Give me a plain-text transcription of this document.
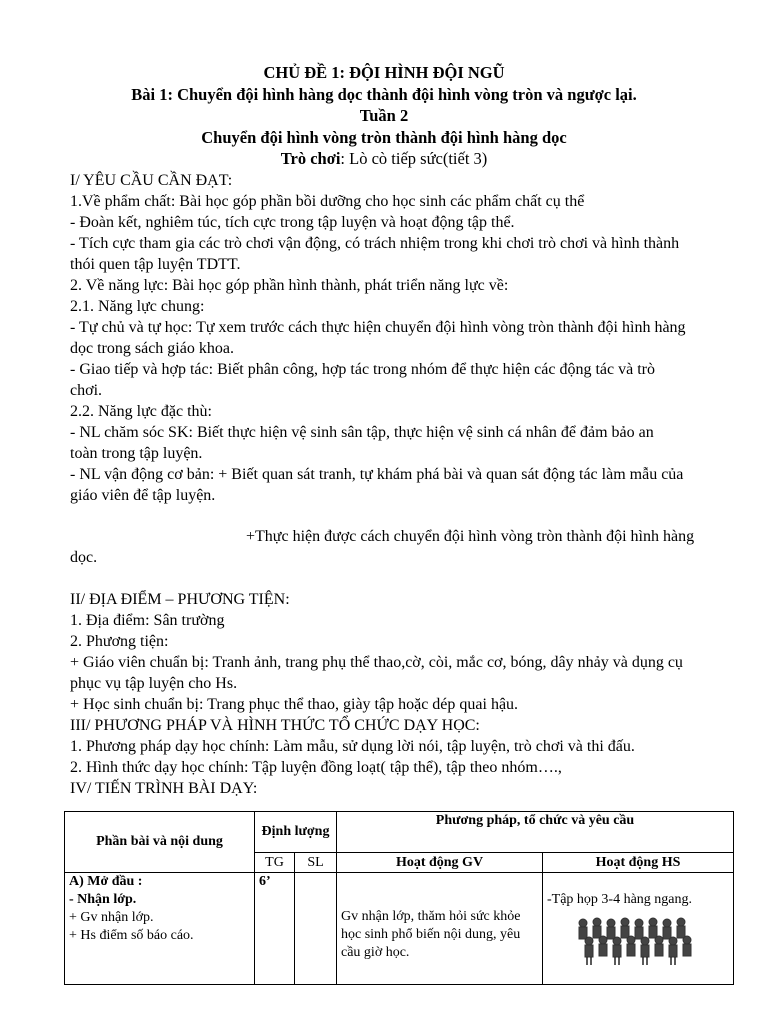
CHỦ ĐỀ 1: ĐỘI HÌNH ĐỘI NGŨ
Bài 1: Chuyển đội hình hàng dọc thành đội hình vòng tròn và ngược lại.
Tuần 2
Chuyển đội hình vòng tròn thành đội hình hàng dọc
Trò chơi: Lò cò tiếp sức(tiết 3)
I/ YÊU CẦU CẦN ĐẠT:
1.Về phẩm chất: Bài học góp phần bồi dưỡng cho học sinh các phẩm chất cụ thể
- Đoàn kết, nghiêm túc, tích cực trong tập luyện và hoạt động tập thể.
- Tích cực tham gia các trò chơi vận động, có trách nhiệm trong khi chơi trò chơi và hình thành
thói quen tập luyện TDTT.
2. Về năng lực: Bài học góp phần hình thành, phát triển năng lực về:
2.1. Năng lực chung:
- Tự chủ và tự học: Tự xem trước cách thực hiện chuyển đội hình vòng tròn thành đội hình hàng
dọc trong sách giáo khoa.
- Giao tiếp và hợp tác: Biết phân công, hợp tác trong nhóm để thực hiện các động tác và trò
chơi.
2.2. Năng lực đặc thù:
- NL chăm sóc SK: Biết thực hiện vệ sinh sân tập, thực hiện vệ sinh cá nhân để đảm bảo an
toàn trong tập luyện.
- NL vận động cơ bản: + Biết quan sát tranh, tự khám phá bài và quan sát động tác làm mẫu của
giáo viên để tập luyện.
+Thực hiện được cách chuyển đội hình vòng tròn thành đội hình hàng
dọc.
II/ ĐỊA ĐIỂM – PHƯƠNG TIỆN:
1. Địa điểm: Sân trường
2. Phương tiện:
+ Giáo viên chuẩn bị: Tranh ảnh, trang phụ thể thao,cờ, còi, mắc cơ, bóng, dây nhảy và dụng cụ
phục vụ tập luyện cho Hs.
+ Học sinh chuẩn bị: Trang phục thể thao, giày tập hoặc dép quai hậu.
III/ PHƯƠNG PHÁP VÀ HÌNH THỨC TỔ CHỨC DẠY HỌC:
1. Phương pháp dạy học chính: Làm mẫu, sử dụng lời nói, tập luyện, trò chơi và thi đấu.
2. Hình thức dạy học chính: Tập luyện đồng loạt( tập thể), tập theo nhóm….,
IV/ TIẾN TRÌNH BÀI DẠY:
Phần bài và nội dung	Định lượng		Phương pháp, tổ chức và yêu cầu	
	TG	SL	Hoạt động GV	Hoạt động HS

A) Mở đầu :
- Nhận lớp.
+ Gv nhận lớp.
+ Hs điểm số báo cáo.	6’		Gv nhận lớp, thăm hỏi sức khỏe học sinh phổ biến nội dung, yêu cầu giờ học.	-Tập họp 3-4 hàng ngang.
